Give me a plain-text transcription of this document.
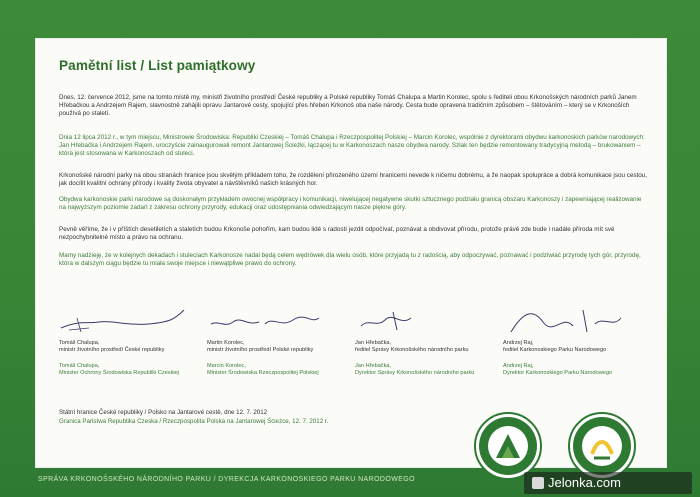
Pamětní list / List pamiątkowy

Dnes, 12. července 2012, jsme na tomto místě my, ministři životního prostředí České republiky a Polské republiky Tomáš Chalupa a Martin Korolec, spolu s řediteli obou Krkonošských národních parků Janem Hřebačkou a Andrzejem Rajem, slavnostně zahájili opravu Jantarové cesty, spojující přes hřeben Krkonoš oba naše národy. Cesta bude opravena tradičním způsobem – štětováním – který se v Krkonoších používá po staletí.

Dnia 12 lipca 2012 r., w tym miejscu, Ministrowie Środowiska: Republiki Czeskiej – Tomáš Chalupa i Rzeczpospolitej Polskiej – Marcin Korolec, wspólnie z dyrektorami obydwu karkonoskich parków narodowych: Jan Hřebačka i Andrzejem Rajem, uroczyście zainaugurowali remont Jantarowej Ścieżki, łączącej tu w Karkonoszach nasze obydwa narody. Szlak ten będzie remontowany tradycyjną metodą – brukowaniem – która jest stosowana w Karkonoszach od stuleci.

Krkonošské národní parky na obou stranách hranice jsou skvělým příkladem toho, že rozdělení přirozeného území hranicemi nevede k ničemu dobrému, a že naopak spolupráce a dobrá komunikace jsou cestou, jak docílit kvalitní ochrany přírody i kvality života obyvatel a návštěvníků našich krásných hor.

Obydwa karkonoskie parki narodowe są doskonałym przykładem owocnej współpracy i komunikacji, niwelującej negatywne skutki sztucznego podziału granicą obszaru Karkonoszy i zapewniającej realizowanie na najwyższym poziomie zadań z zakresu ochrony przyrody, edukacji oraz udostępniania odwiedzającym nasze piękne góry.

Pevně věříme, že i v příštích desetiletích a staletích budou Krkonoše pohořím, kam budou lidé s radostí jezdit odpočívat, poznávat a obdivovat přírodu, protože právě zde bude i nadále příroda mít své nezpochybnitelné místo a právo na ochranu.

Mamy nadzieję, że w kolejnych dekadach i stuleciach Karkonosze nadal będą celem wędrówek dla wielu osób, które przyjadą tu z radością, aby odpoczywać, poznawać i podziwiać przyrodę tych gór, przyrodę, która w dalszym ciągu będzie tu miała swoje miejsce i niewątpliwe prawo do ochrony.

Tomáš Chalupa,
ministr životního prostředí České republiky
Tomáš Chalupa,
Minister Ochrony Środowiska Republiki Czeskiej
Martin Korolec,
ministr životního prostředí Polské republiky
Marcin Korolec,
Minister Środowiska Rzeczpospolitej Polskiej
Jan Hřebačka,
ředitel Správy Krkonošského národního parku
Jan Hřebačka,
Dyrektor Správy Krkonošského národního parku
Andrzej Raj,
ředitel Karkonoskiego Parku Narodowego
Andrzej Raj,
Dyrektor Karkonoskiego Parku Narodowego
Státní hranice České republiky / Polsko na Jantarové cestě, dne 12. 7. 2012
Granica Państwa Republika Czeska / Rzeczpospolita Polska na Jantarowej Ścieżce, 12. 7. 2012 r.
SPRÁVA KRKONOŠSKÉHO NÁRODNÍHO PARKU / DYREKCJA KARKONOSKIEGO PARKU NARODOWEGO	Jelonka.com
